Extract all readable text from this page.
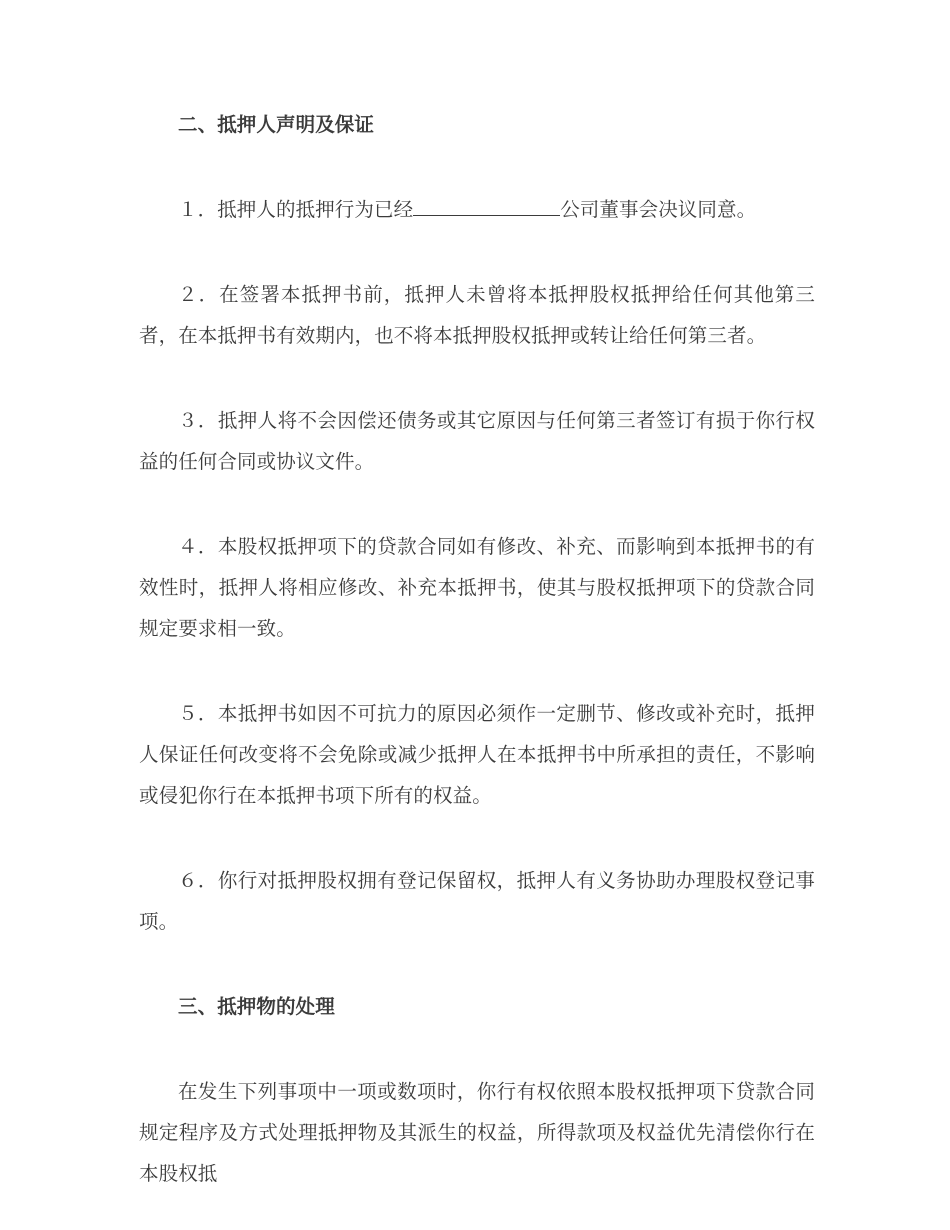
二、抵押人声明及保证

１．抵押人的抵押行为已经	公司董事会决议同意。

２．在签署本抵押书前，抵押人未曾将本抵押股权抵押给任何其他第三者，在本抵押书有效期内，也不将本抵押股权抵押或转让给任何第三者。

３．抵押人将不会因偿还债务或其它原因与任何第三者签订有损于你行权益的任何合同或协议文件。

４．本股权抵押项下的贷款合同如有修改、补充、而影响到本抵押书的有效性时，抵押人将相应修改、补充本抵押书，使其与股权抵押项下的贷款合同规定要求相一致。

５．本抵押书如因不可抗力的原因必须作一定删节、修改或补充时，抵押人保证任何改变将不会免除或减少抵押人在本抵押书中所承担的责任，不影响或侵犯你行在本抵押书项下所有的权益。

６．你行对抵押股权拥有登记保留权，抵押人有义务协助办理股权登记事项。

三、抵押物的处理

在发生下列事项中一项或数项时，你行有权依照本股权抵押项下贷款合同规定程序及方式处理抵押物及其派生的权益，所得款项及权益优先清偿你行在本股权抵
